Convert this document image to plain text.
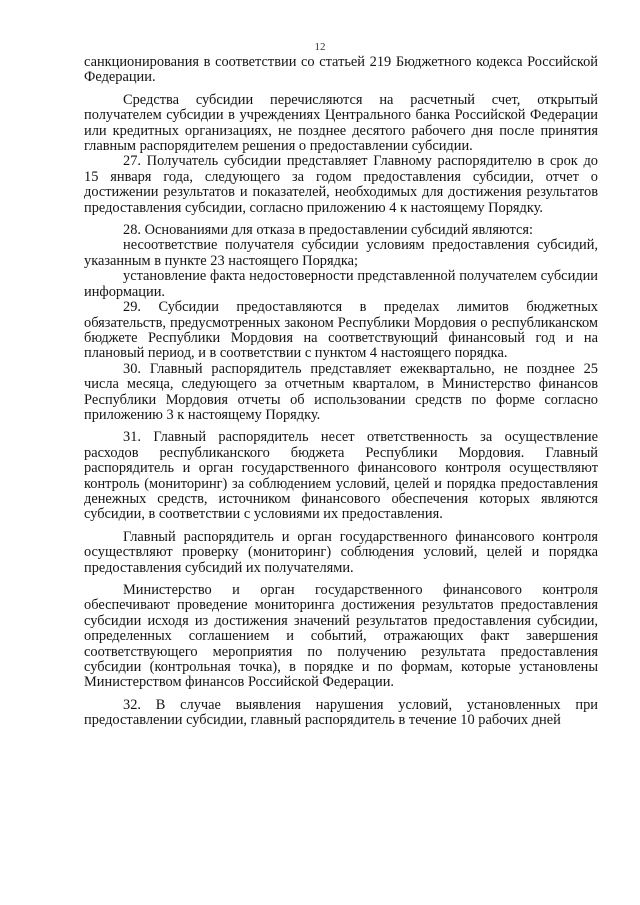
12

санкционирования в соответствии со статьей 219 Бюджетного кодекса Российской Федерации.

Средства субсидии перечисляются на расчетный счет, открытый получателем субсидии в учреждениях Центрального банка Российской Федерации или кредитных организациях, не позднее десятого рабочего дня после принятия главным распорядителем решения о предоставлении субсидии.

27. Получатель субсидии представляет Главному распорядителю в срок до 15 января года, следующего за годом предоставления субсидии, отчет о достижении результатов и показателей, необходимых для достижения результатов предоставления субсидии, согласно приложению 4 к настоящему Порядку.

28. Основаниями для отказа в предоставлении субсидий являются:

несоответствие получателя субсидии условиям предоставления субсидий, указанным в пункте 23 настоящего Порядка;

установление факта недостоверности представленной получателем субсидии информации.

29. Субсидии предоставляются в пределах лимитов бюджетных обязательств, предусмотренных законом Республики Мордовия о республиканском бюджете Республики Мордовия на соответствующий финансовый год и на плановый период, и в соответствии с пунктом 4 настоящего порядка.

30. Главный распорядитель представляет ежеквартально, не позднее 25 числа месяца, следующего за отчетным кварталом, в Министерство финансов Республики Мордовия отчеты об использовании средств по форме согласно приложению 3 к настоящему Порядку.

31. Главный распорядитель несет ответственность за осуществление расходов республиканского бюджета Республики Мордовия. Главный распорядитель и орган государственного финансового контроля осуществляют контроль (мониторинг) за соблюдением условий, целей и порядка предоставления денежных средств, источником финансового обеспечения которых являются субсидии, в соответствии с условиями их предоставления.

Главный распорядитель и орган государственного финансового контроля осуществляют проверку (мониторинг) соблюдения условий, целей и порядка предоставления субсидий их получателями.

Министерство и орган государственного финансового контроля обеспечивают проведение мониторинга достижения результатов предоставления субсидии исходя из достижения значений результатов предоставления субсидии, определенных соглашением и событий, отражающих факт завершения соответствующего мероприятия по получению результата предоставления субсидии (контрольная точка), в порядке и по формам, которые установлены Министерством финансов Российской Федерации.

32. В случае выявления нарушения условий, установленных при предоставлении субсидии, главный распорядитель в течение 10 рабочих дней
